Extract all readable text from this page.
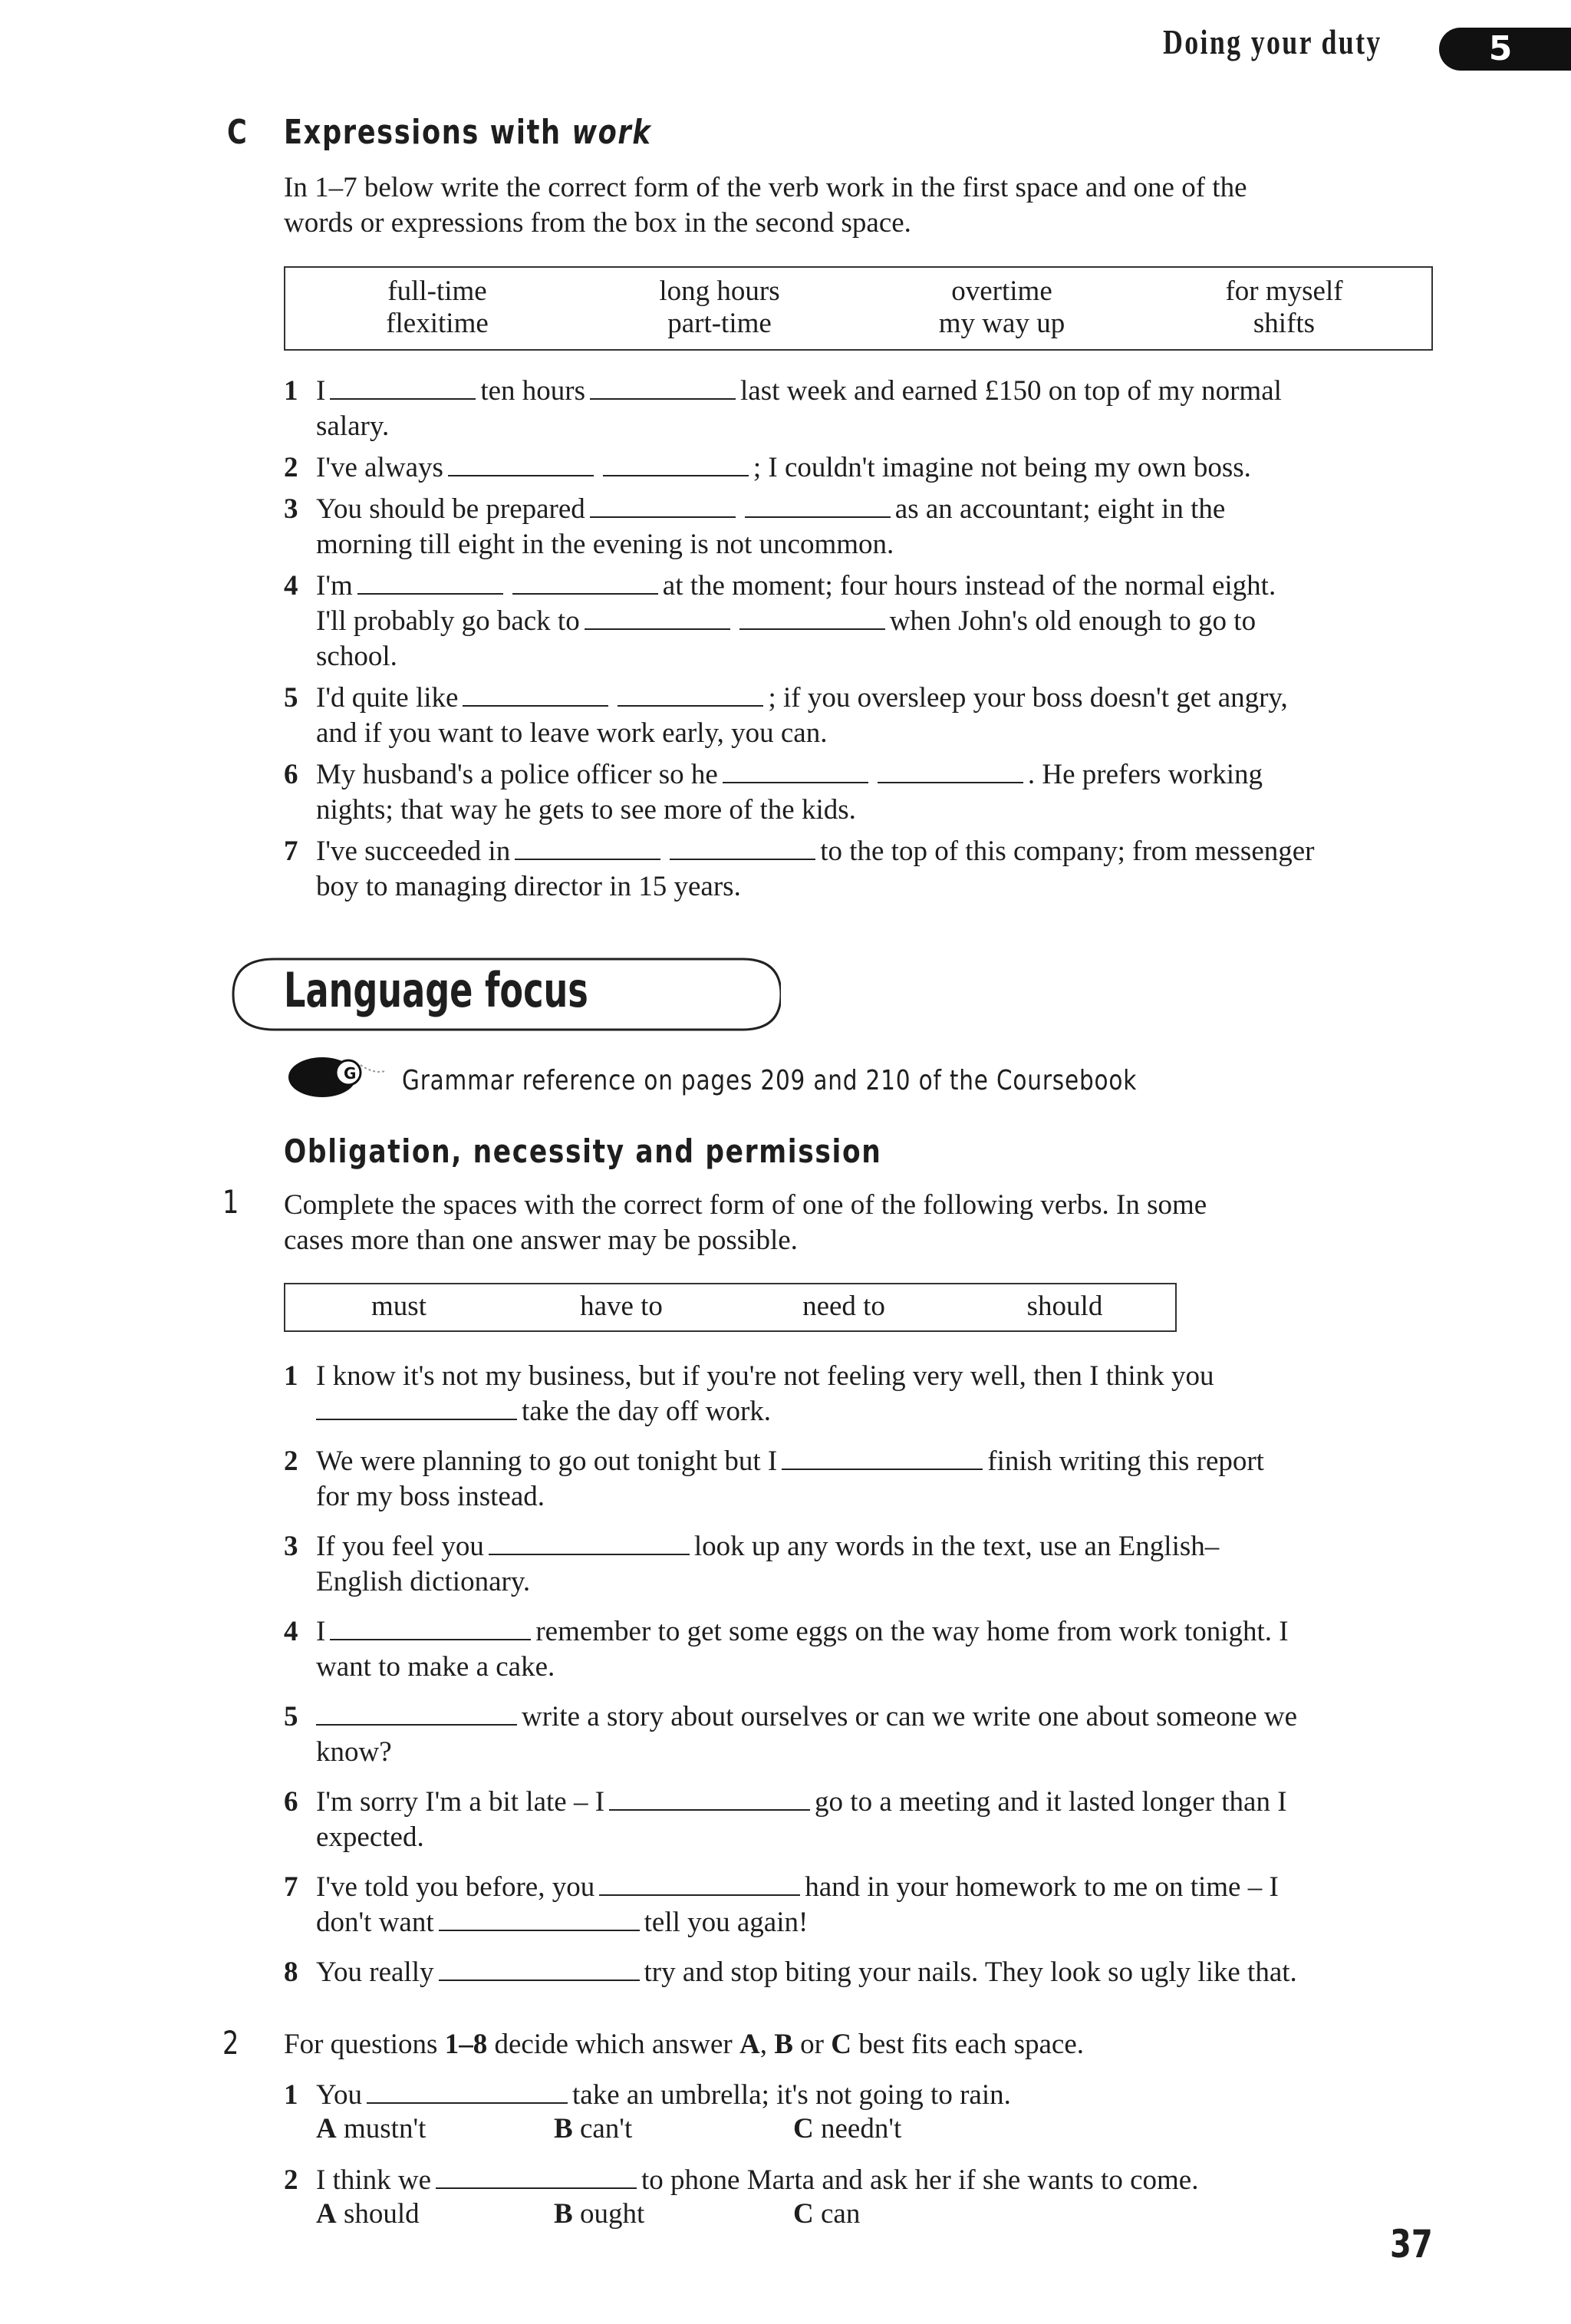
Doing your duty	5
C Expressions with work
In 1–7 below write the correct form of the verb work in the first space and one of the
words or expressions from the box in the second space.
full-time	long hours	overtime	for myself
flexitime	part-time	my way up	shifts
1 I	ten hours	last week and earned £150 on top of my normal
salary.
2 I've always	; I couldn't imagine not being my own boss.
3 You should be prepared	as an accountant; eight in the
morning till eight in the evening is not uncommon.
4 I'm	at the moment; four hours instead of the normal eight.
I'll probably go back to	when John's old enough to go to
school.
5 I'd quite like	; if you oversleep your boss doesn't get angry,
and if you want to leave work early, you can.
6 My husband's a police officer so he	. He prefers working
nights; that way he gets to see more of the kids.
7 I've succeeded in	to the top of this company; from messenger
boy to managing director in 15 years.
Language focus
G Grammar reference on pages 209 and 210 of the Coursebook
Obligation, necessity and permission
1 Complete the spaces with the correct form of one of the following verbs. In some
cases more than one answer may be possible.
must	have to	need to	should
1 I know it's not my business, but if you're not feeling very well, then I think you
take the day off work.
2 We were planning to go out tonight but I	finish writing this report
for my boss instead.
3 If you feel you	look up any words in the text, use an English–
English dictionary.
4 I	remember to get some eggs on the way home from work tonight. I
want to make a cake.
5	write a story about ourselves or can we write one about someone we
know?
6 I'm sorry I'm a bit late – I	go to a meeting and it lasted longer than I
expected.
7 I've told you before, you	hand in your homework to me on time – I
don't want	tell you again!
8 You really	try and stop biting your nails. They look so ugly like that.
2 For questions 1–8 decide which answer A, B or C best fits each space.
1 You	take an umbrella; it's not going to rain.
A mustn't	B can't	C needn't
2 I think we	to phone Marta and ask her if she wants to come.
A should	B ought	C can
37
